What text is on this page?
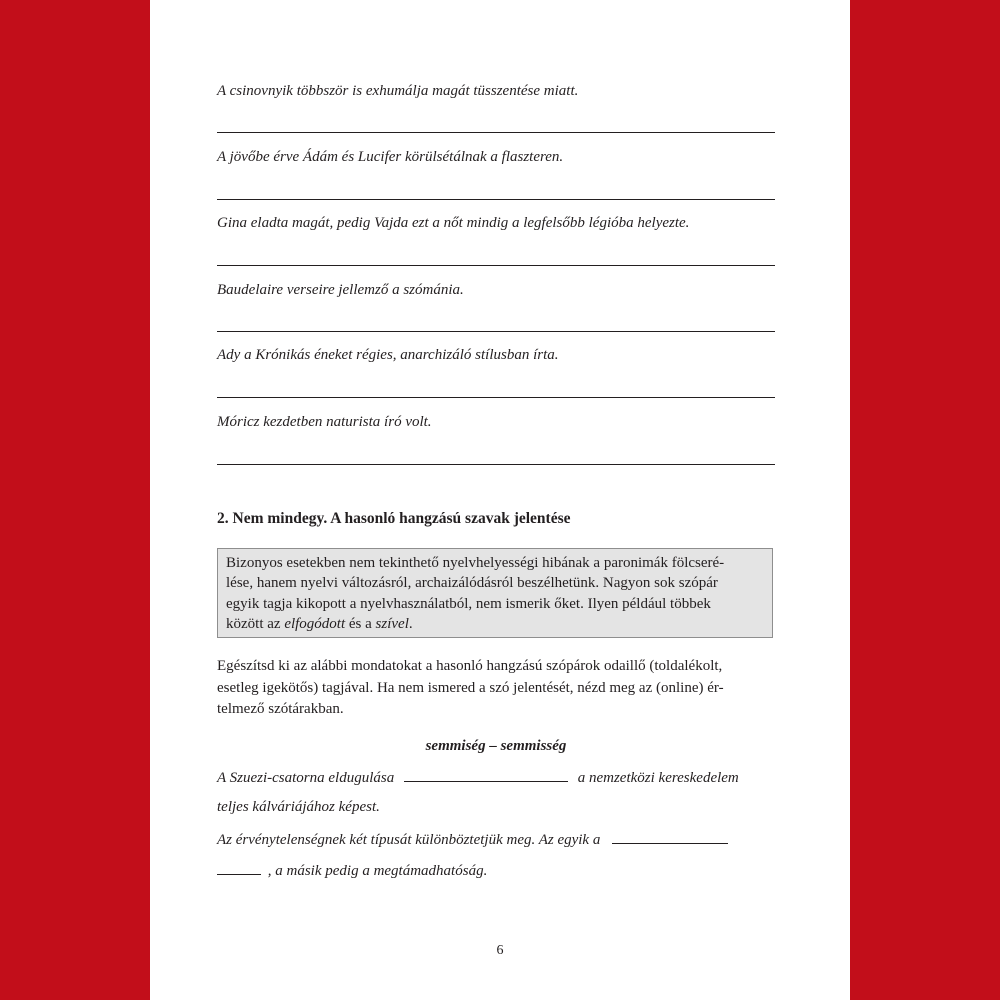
A csinovnyik többször is exhumálja magát tüsszentése miatt.
A jövőbe érve Ádám és Lucifer körülsétálnak a flaszteren.
Gina eladta magát, pedig Vajda ezt a nőt mindig a legfelsőbb légióba helyezte.
Baudelaire verseire jellemző a szómánia.
Ady a Krónikás éneket régies, anarchizáló stílusban írta.
Móricz kezdetben naturista író volt.
2. Nem mindegy. A hasonló hangzású szavak jelentése
Bizonyos esetekben nem tekinthető nyelvhelyességi hibának a paronimák fölcseré-
lése, hanem nyelvi változásról, archaizálódásról beszélhetünk. Nagyon sok szópár
egyik tagja kikopott a nyelvhasználatból, nem ismerik őket. Ilyen például többek
között az elfogódott és a szível.
Egészítsd ki az alábbi mondatokat a hasonló hangzású szópárok odaillő (toldalékolt,
esetleg igekötős) tagjával. Ha nem ismered a szó jelentését, nézd meg az (online) ér-
telmező szótárakban.
semmiség – semmisség
A Szuezi-csatorna eldugulása	a nemzetközi kereskedelem
teljes kálváriájához képest.
Az érvénytelenségnek két típusát különböztetjük meg. Az egyik a
, a másik pedig a megtámadhatóság.
6
